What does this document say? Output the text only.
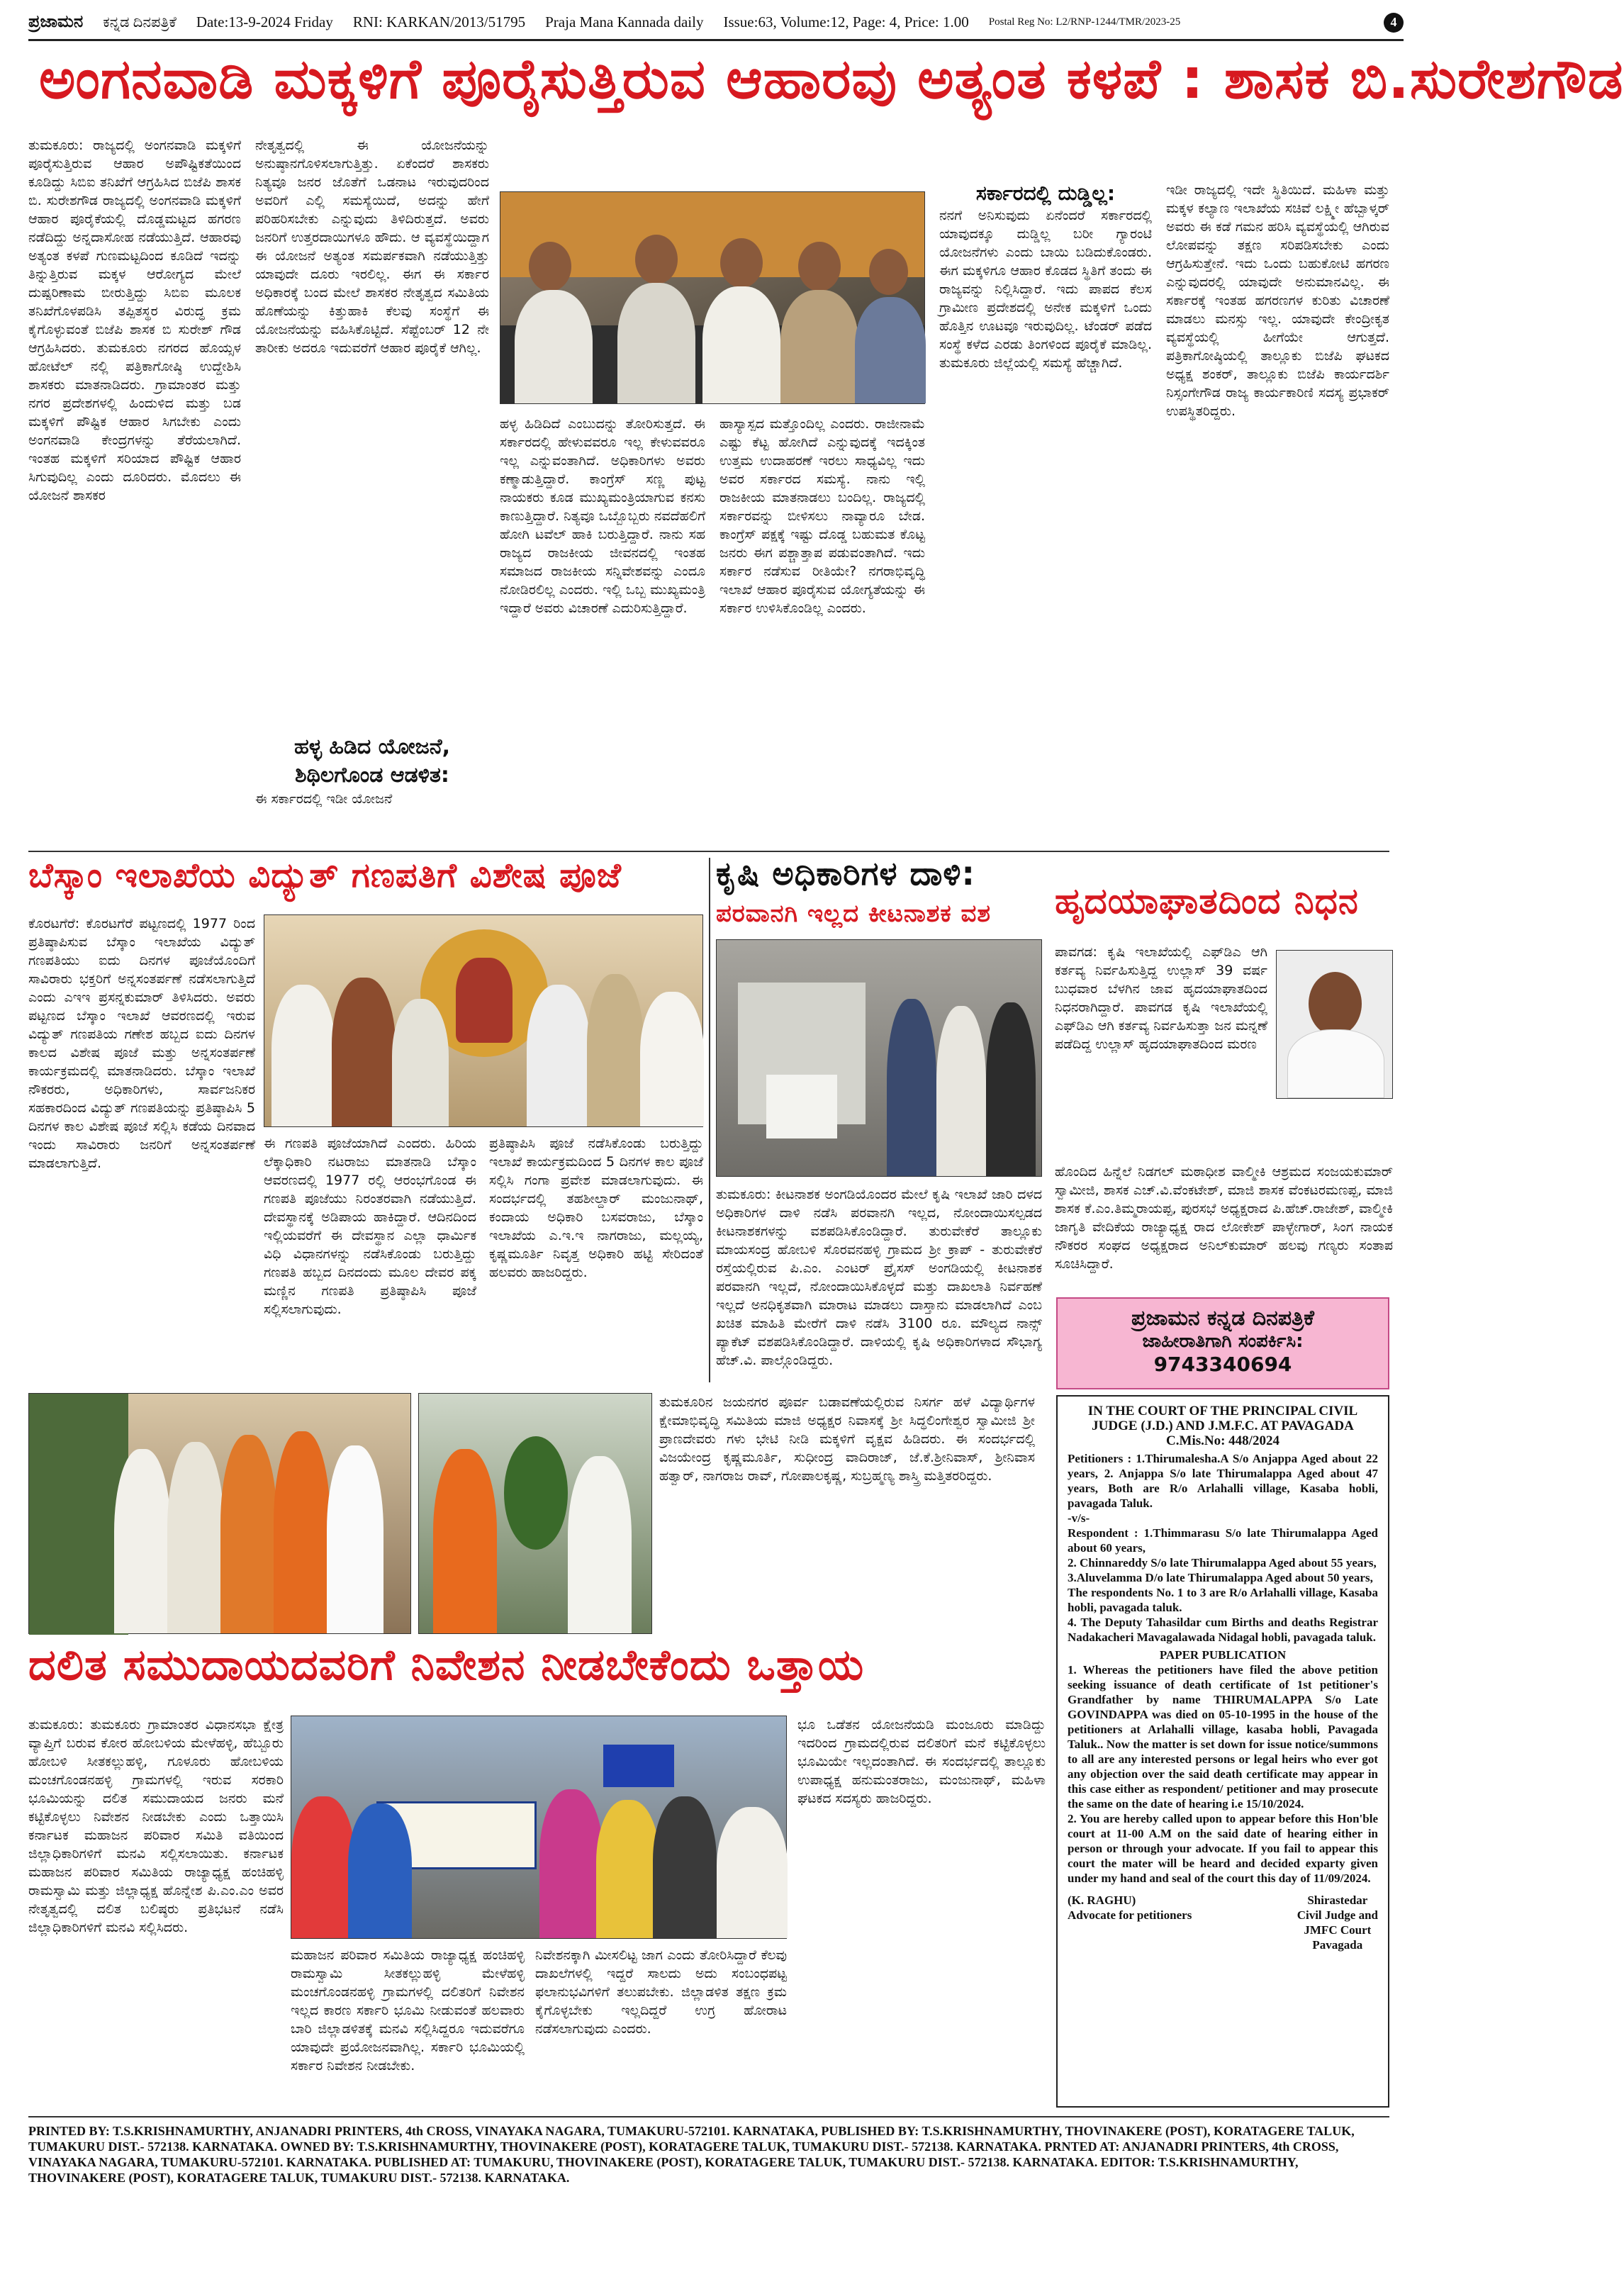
ಪ್ರಜಾಮನ ಕನ್ನಡ ದಿನಪತ್ರಿಕೆ Date:13-9-2024 Friday RNI: KARKAN/2013/51795 Praja Mana Kannada daily Issue:63, Volume:12, Page: 4, Price: 1.00 Postal Reg No: L2/RNP-1244/TMR/2023-25	4
ಅಂಗನವಾಡಿ ಮಕ್ಕಳಿಗೆ ಪೂರೈಸುತ್ತಿರುವ ಆಹಾರವು ಅತ್ಯಂತ ಕಳಪೆ : ಶಾಸಕ ಬಿ.ಸುರೇಶಗೌಡ
ತುಮಕೂರು: ರಾಜ್ಯದಲ್ಲಿ ಅಂಗನವಾಡಿ ಮಕ್ಕಳಿಗೆ ಪೂರೈಸುತ್ತಿರುವ ಆಹಾರ ಅಪೌಷ್ಟಿಕತೆಯಿಂದ ಕೂಡಿದ್ದು ಸಿಬಿಐ ತನಿಖೆಗೆ ಆಗ್ರಹಿಸಿದ ಬಿಜೆಪಿ ಶಾಸಕ ಬಿ. ಸುರೇಶಗೌಡ ರಾಜ್ಯದಲ್ಲಿ ಅಂಗನವಾಡಿ ಮಕ್ಕಳಿಗೆ ಆಹಾರ ಪೂರೈಕೆಯಲ್ಲಿ ದೊಡ್ಡಮಟ್ಟದ ಹಗರಣ ನಡೆದಿದ್ದು ಅನ್ನದಾಸೋಹ ನಡೆಯುತ್ತಿದೆ. ಆಹಾರವು ಅತ್ಯಂತ ಕಳಪೆ ಗುಣಮಟ್ಟದಿಂದ ಕೂಡಿದೆ ಇದನ್ನು ತಿನ್ನುತ್ತಿರುವ ಮಕ್ಕಳ ಆರೋಗ್ಯದ ಮೇಲೆ ದುಷ್ಪರಿಣಾಮ ಬೀರುತ್ತಿದ್ದು ಸಿಬಿಐ ಮೂಲಕ ತನಿಖೆಗೊಳಪಡಿಸಿ ತಪ್ಪಿತಸ್ಥರ ವಿರುದ್ಧ ಕ್ರಮ ಕೈಗೊಳ್ಳುವಂತೆ ಬಿಜೆಪಿ ಶಾಸಕ ಬಿ ಸುರೇಶ್ ಗೌಡ ಆಗ್ರಹಿಸಿದರು. ತುಮಕೂರು ನಗರದ ಹೊಯ್ಸಳ ಹೋಟೆಲ್ ನಲ್ಲಿ ಪತ್ರಿಕಾಗೋಷ್ಠಿ ಉದ್ದೇಶಿಸಿ ಶಾಸಕರು ಮಾತನಾಡಿದರು. ಗ್ರಾಮಾಂತರ ಮತ್ತು ನಗರ ಪ್ರದೇಶಗಳಲ್ಲಿ ಹಿಂದುಳಿದ ಮತ್ತು ಬಡ ಮಕ್ಕಳಿಗೆ ಪೌಷ್ಟಿಕ ಆಹಾರ ಸಿಗಬೇಕು ಎಂದು ಅಂಗನವಾಡಿ ಕೇಂದ್ರಗಳನ್ನು ತೆರೆಯಲಾಗಿದೆ. ಇಂತಹ ಮಕ್ಕಳಿಗೆ ಸರಿಯಾದ ಪೌಷ್ಟಿಕ ಆಹಾರ ಸಿಗುವುದಿಲ್ಲ ಎಂದು ದೂರಿದರು. ಮೊದಲು ಈ ಯೋಜನೆ ಶಾಸಕರ
ನೇತೃತ್ವದಲ್ಲಿ ಈ ಯೋಜನೆಯನ್ನು ಅನುಷ್ಠಾನಗೊಳಿಸಲಾಗುತ್ತಿತ್ತು. ಏಕೆಂದರೆ ಶಾಸಕರು ನಿತ್ಯವೂ ಜನರ ಜೊತೆಗೆ ಒಡನಾಟ ಇರುವುದರಿಂದ ಅವರಿಗೆ ಎಲ್ಲಿ ಸಮಸ್ಯೆಯಿದೆ, ಅದನ್ನು ಹೇಗೆ ಪರಿಹರಿಸಬೇಕು ಎನ್ನುವುದು ತಿಳಿದಿರುತ್ತದೆ. ಅವರು ಜನರಿಗೆ ಉತ್ತರದಾಯಿಗಳೂ ಹೌದು. ಆ ವ್ಯವಸ್ಥೆಯಿದ್ದಾಗ ಈ ಯೋಜನೆ ಅತ್ಯಂತ ಸಮರ್ಪಕವಾಗಿ ನಡೆಯುತ್ತಿತ್ತು ಯಾವುದೇ ದೂರು ಇರಲಿಲ್ಲ. ಈಗ ಈ ಸರ್ಕಾರ ಅಧಿಕಾರಕ್ಕೆ ಬಂದ ಮೇಲೆ ಶಾಸಕರ ನೇತೃತ್ವದ ಸಮಿತಿಯ ಹೊಣೆಯನ್ನು ಕಿತ್ತುಹಾಕಿ ಕೆಲವು ಸಂಸ್ಥೆಗೆ ಈ ಯೋಜನೆಯನ್ನು ವಹಿಸಿಕೊಟ್ಟಿದೆ. ಸೆಪ್ಟೆಂಬರ್ 12 ನೇ ತಾರೀಕು ಅದರೂ ಇದುವರೆಗೆ ಆಹಾರ ಪೂರೈಕೆ ಆಗಿಲ್ಲ.
ಹಳ್ಳ ಹಿಡಿದ ಯೋಜನೆ, ಶಿಥಿಲಗೊಂಡ ಆಡಳಿತ:
ಈ ಸರ್ಕಾರದಲ್ಲಿ ಇಡೀ ಯೋಜನೆ
ಹಳ್ಳ ಹಿಡಿದಿದೆ ಎಂಬುದನ್ನು ತೋರಿಸುತ್ತದೆ. ಈ ಸರ್ಕಾರದಲ್ಲಿ ಹೇಳುವವರೂ ಇಲ್ಲ ಕೇಳುವವರೂ ಇಲ್ಲ ಎನ್ನುವಂತಾಗಿದೆ. ಅಧಿಕಾರಿಗಳು ಅವರು ಕಣ್ಮಾಡುತ್ತಿದ್ದಾರೆ. ಕಾಂಗ್ರೆಸ್ ಸಣ್ಣ ಪುಟ್ಟ ನಾಯಕರು ಕೂಡ ಮುಖ್ಯಮಂತ್ರಿಯಾಗುವ ಕನಸು ಕಾಣುತ್ತಿದ್ದಾರೆ. ನಿತ್ಯವೂ ಒಬ್ಬೊಬ್ಬರು ನವದೆಹಲಿಗೆ ಹೋಗಿ ಟವೆಲ್ ಹಾಕಿ ಬರುತ್ತಿದ್ದಾರೆ. ನಾನು ಸಹ ರಾಜ್ಯದ ರಾಜಕೀಯ ಜೀವನದಲ್ಲಿ ಇಂತಹ ಸಮಾಜದ ರಾಜಕೀಯ ಸನ್ನಿವೇಶವನ್ನು ಎಂದೂ ನೋಡಿರಲಿಲ್ಲ ಎಂದರು. ಇಲ್ಲಿ ಒಬ್ಬ ಮುಖ್ಯಮಂತ್ರಿ ಇದ್ದಾರೆ ಅವರು ವಿಚಾರಣೆ ಎದುರಿಸುತ್ತಿದ್ದಾರೆ.
ಹಾಸ್ಯಾಸ್ಪದ ಮತ್ತೊಂದಿಲ್ಲ ಎಂದರು. ರಾಜೀನಾಮೆ ಎಷ್ಟು ಕೆಟ್ಟ ಹೋಗಿದೆ ಎನ್ನುವುದಕ್ಕೆ ಇದಕ್ಕಿಂತ ಉತ್ತಮ ಉದಾಹರಣೆ ಇರಲು ಸಾಧ್ಯವಿಲ್ಲ ಇದು ಅವರ ಸರ್ಕಾರದ ಸಮಸ್ಯೆ. ನಾನು ಇಲ್ಲಿ ರಾಜಕೀಯ ಮಾತನಾಡಲು ಬಂದಿಲ್ಲ. ರಾಜ್ಯದಲ್ಲಿ ಸರ್ಕಾರವನ್ನು ಬೀಳಿಸಲು ನಾವ್ಯಾರೂ ಬೇಡ. ಕಾಂಗ್ರೆಸ್ ಪಕ್ಷಕ್ಕೆ ಇಷ್ಟು ದೊಡ್ಡ ಬಹುಮತ ಕೊಟ್ಟ ಜನರು ಈಗ ಪಶ್ಚಾತ್ತಾಪ ಪಡುವಂತಾಗಿದೆ. ಇದು ಸರ್ಕಾರ ನಡೆಸುವ ರೀತಿಯೇ? ನಗರಾಭಿವೃದ್ಧಿ ಇಲಾಖೆ ಆಹಾರ ಪೂರೈಸುವ ಯೋಗ್ಯತೆಯನ್ನು ಈ ಸರ್ಕಾರ ಉಳಿಸಿಕೊಂಡಿಲ್ಲ ಎಂದರು.
ಸರ್ಕಾರದಲ್ಲಿ ದುಡ್ಡಿಲ್ಲ:
ನನಗೆ ಅನಿಸುವುದು ಏನೆಂದರೆ ಸರ್ಕಾರದಲ್ಲಿ ಯಾವುದಕ್ಕೂ ದುಡ್ಡಿಲ್ಲ ಬರೀ ಗ್ಯಾರಂಟಿ ಯೋಜನೆಗಳು ಎಂದು ಬಾಯಿ ಬಡಿದುಕೊಂಡರು. ಈಗ ಮಕ್ಕಳಿಗೂ ಆಹಾರ ಕೊಡದ ಸ್ಥಿತಿಗೆ ತಂದು ಈ ರಾಜ್ಯವನ್ನು ನಿಲ್ಲಿಸಿದ್ದಾರೆ. ಇದು ಪಾಪದ ಕೆಲಸ ಗ್ರಾಮೀಣ ಪ್ರದೇಶದಲ್ಲಿ ಅನೇಕ ಮಕ್ಕಳಿಗೆ ಒಂದು ಹೊತ್ತಿನ ಊಟವೂ ಇರುವುದಿಲ್ಲ. ಟೆಂಡರ್ ಪಡೆದ ಸಂಸ್ಥೆ ಕಳೆದ ಎರಡು ತಿಂಗಳಿಂದ ಪೂರೈಕೆ ಮಾಡಿಲ್ಲ. ತುಮಕೂರು ಜಿಲ್ಲೆಯಲ್ಲಿ ಸಮಸ್ಯೆ ಹೆಚ್ಚಾಗಿದೆ.
ಇಡೀ ರಾಜ್ಯದಲ್ಲಿ ಇದೇ ಸ್ಥಿತಿಯಿದೆ. ಮಹಿಳಾ ಮತ್ತು ಮಕ್ಕಳ ಕಲ್ಯಾಣ ಇಲಾಖೆಯ ಸಚಿವೆ ಲಕ್ಷ್ಮೀ ಹೆಬ್ಬಾಳ್ಕರ್ ಅವರು ಈ ಕಡೆ ಗಮನ ಹರಿಸಿ ವ್ಯವಸ್ಥೆಯಲ್ಲಿ ಆಗಿರುವ ಲೋಪವನ್ನು ತಕ್ಷಣ ಸರಿಪಡಿಸಬೇಕು ಎಂದು ಆಗ್ರಹಿಸುತ್ತೇನೆ. ಇದು ಒಂದು ಬಹುಕೋಟಿ ಹಗರಣ ಎನ್ನುವುದರಲ್ಲಿ ಯಾವುದೇ ಅನುಮಾನವಿಲ್ಲ. ಈ ಸರ್ಕಾರಕ್ಕೆ ಇಂತಹ ಹಗರಣಗಳ ಕುರಿತು ವಿಚಾರಣೆ ಮಾಡಲು ಮನಸ್ಸು ಇಲ್ಲ. ಯಾವುದೇ ಕೇಂದ್ರೀಕೃತ ವ್ಯವಸ್ಥೆಯಲ್ಲಿ ಹೀಗೆಯೇ ಆಗುತ್ತದೆ. ಪತ್ರಿಕಾಗೋಷ್ಠಿಯಲ್ಲಿ ತಾಲ್ಲೂಕು ಬಿಜೆಪಿ ಘಟಕದ ಅಧ್ಯಕ್ಷ ಶಂಕರ್, ತಾಲ್ಲೂಕು ಬಿಜೆಪಿ ಕಾರ್ಯದರ್ಶಿ ನಿಸ್ಸಂಗೇಗೌಡ ರಾಜ್ಯ ಕಾರ್ಯಕಾರಿಣಿ ಸದಸ್ಯ ಪ್ರಭಾಕರ್ ಉಪಸ್ಥಿತರಿದ್ದರು.
ಬೆಸ್ಕಾಂ ಇಲಾಖೆಯ ವಿದ್ಯುತ್ ಗಣಪತಿಗೆ ವಿಶೇಷ ಪೂಜೆ
ಕೊರಟಗೆರೆ: ಕೊರಟಗೆರೆ ಪಟ್ಟಣದಲ್ಲಿ 1977 ರಿಂದ ಪ್ರತಿಷ್ಠಾಪಿಸುವ ಬೆಸ್ಕಾಂ ಇಲಾಖೆಯ ವಿದ್ಯುತ್ ಗಣಪತಿಯು ಐದು ದಿನಗಳ ಪೂಜೆಯೊಂದಿಗೆ ಸಾವಿರಾರು ಭಕ್ತರಿಗೆ ಅನ್ನಸಂತರ್ಪಣೆ ನಡೆಸಲಾಗುತ್ತಿದೆ ಎಂದು ಎಇಇ ಪ್ರಸನ್ನಕುಮಾರ್ ತಿಳಿಸಿದರು. ಅವರು ಪಟ್ಟಣದ ಬೆಸ್ಕಾಂ ಇಲಾಖೆ ಆವರಣದಲ್ಲಿ ಇರುವ ವಿದ್ಯುತ್ ಗಣಪತಿಯ ಗಣೇಶ ಹಬ್ಬದ ಐದು ದಿನಗಳ ಕಾಲದ ವಿಶೇಷ ಪೂಜೆ ಮತ್ತು ಅನ್ನಸಂತರ್ಪಣೆ ಕಾರ್ಯಕ್ರಮದಲ್ಲಿ ಮಾತನಾಡಿದರು. ಬೆಸ್ಕಾಂ ಇಲಾಖೆ ನೌಕರರು, ಅಧಿಕಾರಿಗಳು, ಸಾರ್ವಜನಿಕರ ಸಹಕಾರದಿಂದ ವಿದ್ಯುತ್ ಗಣಪತಿಯನ್ನು ಪ್ರತಿಷ್ಠಾಪಿಸಿ 5 ದಿನಗಳ ಕಾಲ ವಿಶೇಷ ಪೂಜೆ ಸಲ್ಲಿಸಿ ಕಡೆಯ ದಿನವಾದ ಇಂದು ಸಾವಿರಾರು ಜನರಿಗೆ ಅನ್ನಸಂತರ್ಪಣೆ ಮಾಡಲಾಗುತ್ತಿದೆ.
ಈ ಗಣಪತಿ ಪೂಜೆಯಾಗಿದೆ ಎಂದರು. ಹಿರಿಯ ಲೆಕ್ಕಾಧಿಕಾರಿ ನಟರಾಜು ಮಾತನಾಡಿ ಬೆಸ್ಕಾಂ ಆವರಣದಲ್ಲಿ 1977 ರಲ್ಲಿ ಆರಂಭಗೊಂಡ ಈ ಗಣಪತಿ ಪೂಜೆಯು ನಿರಂತರವಾಗಿ ನಡೆಯುತ್ತಿದೆ. ದೇವಸ್ಥಾನಕ್ಕೆ ಅಡಿಪಾಯ ಹಾಕಿದ್ದಾರೆ. ಆದಿನದಿಂದ ಇಲ್ಲಿಯವರೆಗೆ ಈ ದೇವಸ್ಥಾನ ಎಲ್ಲಾ ಧಾರ್ಮಿಕ ವಿಧಿ ವಿಧಾನಗಳನ್ನು ನಡೆಸಿಕೊಂಡು ಬರುತ್ತಿದ್ದು ಗಣಪತಿ ಹಬ್ಬದ ದಿನದಂದು ಮೂಲ ದೇವರ ಪಕ್ಕ ಮಣ್ಣಿನ ಗಣಪತಿ ಪ್ರತಿಷ್ಠಾಪಿಸಿ ಪೂಜೆ ಸಲ್ಲಿಸಲಾಗುವುದು.
ಪ್ರತಿಷ್ಠಾಪಿಸಿ ಪೂಜೆ ನಡೆಸಿಕೊಂಡು ಬರುತ್ತಿದ್ದು ಇಲಾಖೆ ಕಾರ್ಯಕ್ರಮದಿಂದ 5 ದಿನಗಳ ಕಾಲ ಪೂಜೆ ಸಲ್ಲಿಸಿ ಗಂಗಾ ಪ್ರವೇಶ ಮಾಡಲಾಗುವುದು. ಈ ಸಂದರ್ಭದಲ್ಲಿ ತಹಶೀಲ್ದಾರ್ ಮಂಜುನಾಥ್, ಕಂದಾಯ ಅಧಿಕಾರಿ ಬಸವರಾಜು, ಬೆಸ್ಕಾಂ ಇಲಾಖೆಯ ಎ.ಇ.ಇ ನಾಗರಾಜು, ಮಲ್ಲಯ್ಯ, ಕೃಷ್ಣಮೂರ್ತಿ ನಿವೃತ್ತ ಅಧಿಕಾರಿ ಹಟ್ಟಿ ಸೇರಿದಂತೆ ಹಲವರು ಹಾಜರಿದ್ದರು.
ಕೃಷಿ ಅಧಿಕಾರಿಗಳ ದಾಳಿ:
ಪರವಾನಗಿ ಇಲ್ಲದ ಕೀಟನಾಶಕ ವಶ
ತುಮಕೂರು: ಕೀಟನಾಶಕ ಅಂಗಡಿಯೊಂದರ ಮೇಲೆ ಕೃಷಿ ಇಲಾಖೆ ಜಾರಿ ದಳದ ಅಧಿಕಾರಿಗಳ ದಾಳಿ ನಡೆಸಿ ಪರವಾನಗಿ ಇಲ್ಲದ, ನೋಂದಾಯಿಸಲ್ಪಡದ ಕೀಟನಾಶಕಗಳನ್ನು ವಶಪಡಿಸಿಕೊಂಡಿದ್ದಾರೆ. ತುರುವೇಕೆರೆ ತಾಲ್ಲೂಕು ಮಾಯಸಂದ್ರ ಹೋಬಳಿ ಸೊರವನಹಳ್ಳಿ ಗ್ರಾಮದ ಶ್ರೀ ಕ್ರಾಪ್ - ತುರುವೇಕೆರೆ ರಸ್ತೆಯಲ್ಲಿರುವ ಪಿ.ಎಂ. ಎಂಟರ್ ಪ್ರೈಸಸ್ ಅಂಗಡಿಯಲ್ಲಿ ಕೀಟನಾಶಕ ಪರವಾನಗಿ ಇಲ್ಲದೆ, ನೋಂದಾಯಿಸಿಕೊಳ್ಳದೆ ಮತ್ತು ದಾಖಲಾತಿ ನಿರ್ವಹಣೆ ಇಲ್ಲದೆ ಅನಧಿಕೃತವಾಗಿ ಮಾರಾಟ ಮಾಡಲು ದಾಸ್ತಾನು ಮಾಡಲಾಗಿದೆ ಎಂಬ ಖಚಿತ ಮಾಹಿತಿ ಮೇರೆಗೆ ದಾಳಿ ನಡೆಸಿ 3100 ರೂ. ಮೌಲ್ಯದ ನಾನ್ಸ್ ಪ್ಯಾಕೆಟ್ ವಶಪಡಿಸಿಕೊಂಡಿದ್ದಾರೆ. ದಾಳಿಯಲ್ಲಿ ಕೃಷಿ ಅಧಿಕಾರಿಗಳಾದ ಸೌಭಾಗ್ಯ ಹೆಚ್.ವಿ. ಪಾಲ್ಗೊಂಡಿದ್ದರು.
ಹೃದಯಾಘಾತದಿಂದ ನಿಧನ
ಪಾವಗಡ: ಕೃಷಿ ಇಲಾಖೆಯಲ್ಲಿ ಎಫ್‌ಡಿಎ ಆಗಿ ಕರ್ತವ್ಯ ನಿರ್ವಹಿಸುತ್ತಿದ್ದ ಉಲ್ಲಾಸ್ 39 ವರ್ಷ ಬುಧವಾರ ಬೆಳಗಿನ ಜಾವ ಹೃದಯಾಘಾತದಿಂದ ನಿಧನರಾಗಿದ್ದಾರೆ. ಪಾವಗಡ ಕೃಷಿ ಇಲಾಖೆಯಲ್ಲಿ ಎಫ್‌ಡಿಎ ಆಗಿ ಕರ್ತವ್ಯ ನಿರ್ವಹಿಸುತ್ತಾ ಜನ ಮನ್ನಣೆ ಪಡೆದಿದ್ದ ಉಲ್ಲಾಸ್ ಹೃದಯಾಘಾತದಿಂದ ಮರಣ
ಹೊಂದಿದ ಹಿನ್ನೆಲೆ ನಿಡಗಲ್ ಮಠಾಧೀಶ ವಾಲ್ಮೀಕಿ ಆಶ್ರಮದ ಸಂಜಯಕುಮಾರ್ ಸ್ವಾಮೀಜಿ, ಶಾಸಕ ಎಚ್.ವಿ.ವೆಂಕಟೇಶ್, ಮಾಜಿ ಶಾಸಕ ವೆಂಕಟರಮಣಪ್ಪ, ಮಾಜಿ ಶಾಸಕ ಕೆ.ಎಂ.ತಿಮ್ಮರಾಯಪ್ಪ, ಪುರಸಭೆ ಅಧ್ಯಕ್ಷರಾದ ಪಿ.ಹೆಚ್.ರಾಜೇಶ್, ವಾಲ್ಮೀಕಿ ಜಾಗೃತಿ ವೇದಿಕೆಯ ರಾಜ್ಯಾಧ್ಯಕ್ಷ ರಾದ ಲೋಕೇಶ್ ಪಾಳ್ಳೇಗಾರ್, ಸಿಂಗ ನಾಯಕ ನೌಕರರ ಸಂಘದ ಅಧ್ಯಕ್ಷರಾದ ಅನಿಲ್‌ಕುಮಾರ್ ಹಲವು ಗಣ್ಯರು ಸಂತಾಪ ಸೂಚಿಸಿದ್ದಾರೆ.
ಪ್ರಜಾಮನ ಕನ್ನಡ ದಿನಪತ್ರಿಕೆ
ಜಾಹೀರಾತಿಗಾಗಿ ಸಂಪರ್ಕಿಸಿ:
9743340694
ತುಮಕೂರಿನ ಜಯನಗರ ಪೂರ್ವ ಬಡಾವಣೆಯಲ್ಲಿರುವ ನಿಸರ್ಗ ಹಳೆ ವಿದ್ಯಾರ್ಥಿಗಳ ಕ್ಷೇಮಾಭಿವೃದ್ಧಿ ಸಮಿತಿಯ ಮಾಜಿ ಅಧ್ಯಕ್ಷರ ನಿವಾಸಕ್ಕೆ ಶ್ರೀ ಸಿದ್ಧಲಿಂಗೇಶ್ವರ ಸ್ವಾಮೀಜಿ ಶ್ರೀ ಪ್ರಾಣದೇವರು ಗಳು ಭೇಟಿ ನೀಡಿ ಮಕ್ಕಳಿಗೆ ವೃಕ್ಷವ ಹಿಡಿದರು. ಈ ಸಂದರ್ಭದಲ್ಲಿ ವಿಜಯೇಂದ್ರ ಕೃಷ್ಣಮೂರ್ತಿ, ಸುಧೀಂದ್ರ ವಾದಿರಾಜ್, ಜೆ.ಕೆ.ಶ್ರೀನಿವಾಸ್, ಶ್ರೀನಿವಾಸ ಹತ್ವಾರ್, ನಾಗರಾಜ ರಾವ್, ಗೋಪಾಲಕೃಷ್ಣ, ಸುಬ್ರಹ್ಮಣ್ಯ ಶಾಸ್ತ್ರಿ ಮತ್ತಿತರರಿದ್ದರು.
IN THE COURT OF THE PRINCIPAL CIVIL JUDGE (J.D.) AND J.M.F.C. AT PAVAGADA
C.Mis.No: 448/2024
Petitioners : 1.Thirumalesha.A S/o Anjappa Aged about 22 years, 2. Anjappa S/o late Thirumalappa Aged about 47 years, Both are R/o Arlahalli village, Kasaba hobli, pavagada Taluk.
-v/s-
Respondent : 1.Thimmarasu S/o late Thirumalappa Aged about 60 years,
2. Chinnareddy S/o late Thirumalappa Aged about 55 years,
3.Aluvelamma D/o late Thirumalappa Aged about 50 years,
The respondents No. 1 to 3 are R/o Arlahalli village, Kasaba hobli, pavagada taluk.
4. The Deputy Tahasildar cum Births and deaths Registrar Nadakacheri Mavagalawada Nidagal hobli, pavagada taluk.
PAPER PUBLICATION
1. Whereas the petitioners have filed the above petition seeking issuance of death certificate of 1st petitioner's Grandfather by name THIRUMALAPPA S/o Late GOVINDAPPA was died on 05-10-1995 in the house of the petitioners at Arlahalli village, kasaba hobli, Pavagada Taluk.. Now the matter is set down for issue notice/summons to all are any interested persons or legal heirs who ever got any objection over the said death certificate may appear in this case either as respondent/ petitioner and may prosecute the same on the date of hearing i.e 15/10/2024.
2. You are hereby called upon to appear before this Hon'ble court at 11-00 A.M on the said date of hearing either in person or through your advocate. If you fail to appear this court the mater will be heard and decided exparty given under my hand and seal of the court this day of 11/09/2024.
(K. RAGHU)
Advocate for petitioners
Shirastedar
Civil Judge and
JMFC Court
Pavagada
ದಲಿತ ಸಮುದಾಯದವರಿಗೆ ನಿವೇಶನ ನೀಡಬೇಕೆಂದು ಒತ್ತಾಯ
ತುಮಕೂರು: ತುಮಕೂರು ಗ್ರಾಮಾಂತರ ವಿಧಾನಸಭಾ ಕ್ಷೇತ್ರ ವ್ಯಾಪ್ತಿಗೆ ಬರುವ ಕೋರ ಹೋಬಳಿಯ ಮೇಳೆಹಳ್ಳಿ, ಹೆಬ್ಬೂರು ಹೋಬಳಿ ಸೀತಕಲ್ಲುಹಳ್ಳಿ, ಗೂಳೂರು ಹೋಬಳಿಯ ಮಂಚಗೊಂಡನಹಳ್ಳಿ ಗ್ರಾಮಗಳಲ್ಲಿ ಇರುವ ಸರಕಾರಿ ಭೂಮಿಯನ್ನು ದಲಿತ ಸಮುದಾಯದ ಜನರು ಮನೆ ಕಟ್ಟಿಕೊಳ್ಳಲು ನಿವೇಶನ ನೀಡಬೇಕು ಎಂದು ಒತ್ತಾಯಿಸಿ ಕರ್ನಾಟಕ ಮಹಾಜನ ಪರಿವಾರ ಸಮಿತಿ ವತಿಯಿಂದ ಜಿಲ್ಲಾಧಿಕಾರಿಗಳಿಗೆ ಮನವಿ ಸಲ್ಲಿಸಲಾಯಿತು. ಕರ್ನಾಟಕ ಮಹಾಜನ ಪರಿವಾರ ಸಮಿತಿಯ ರಾಜ್ಯಾಧ್ಯಕ್ಷ ಹಂಚಿಹಳ್ಳಿ ರಾಮಸ್ವಾಮಿ ಮತ್ತು ಜಿಲ್ಲಾಧ್ಯಕ್ಷ ಹೊನ್ನೇಶ ಪಿ.ಎಂ.ಎಂ ಅವರ ನೇತೃತ್ವದಲ್ಲಿ ದಲಿತ ಬಲಿಷ್ಠರು ಪ್ರತಿಭಟನೆ ನಡೆಸಿ ಜಿಲ್ಲಾಧಿಕಾರಿಗಳಿಗೆ ಮನವಿ ಸಲ್ಲಿಸಿದರು.
ಮಹಾಜನ ಪರಿವಾರ ಸಮಿತಿಯ ರಾಜ್ಯಾಧ್ಯಕ್ಷ ಹಂಚಿಹಳ್ಳಿ ರಾಮಸ್ವಾಮಿ ಸೀತಕಲ್ಲುಹಳ್ಳಿ ಮೇಳೆಹಳ್ಳಿ ಮಂಚಗೊಂಡನಹಳ್ಳಿ ಗ್ರಾಮಗಳಲ್ಲಿ ದಲಿತರಿಗೆ ನಿವೇಶನ ಇಲ್ಲದ ಕಾರಣ ಸರ್ಕಾರಿ ಭೂಮಿ ನೀಡುವಂತೆ ಹಲವಾರು ಬಾರಿ ಜಿಲ್ಲಾಡಳಿತಕ್ಕೆ ಮನವಿ ಸಲ್ಲಿಸಿದ್ದರೂ ಇದುವರೆಗೂ ಯಾವುದೇ ಪ್ರಯೋಜನವಾಗಿಲ್ಲ. ಸರ್ಕಾರಿ ಭೂಮಿಯಲ್ಲಿ ಸರ್ಕಾರ ನಿವೇಶನ ನೀಡಬೇಕು.
ನಿವೇಶನಕ್ಕಾಗಿ ಮೀಸಲಿಟ್ಟ ಜಾಗ ಎಂದು ತೋರಿಸಿದ್ದಾರೆ ಕೆಲವು ದಾಖಲೆಗಳಲ್ಲಿ ಇದ್ದರೆ ಸಾಲದು ಅದು ಸಂಬಂಧಪಟ್ಟ ಫಲಾನುಭವಿಗಳಿಗೆ ತಲುಪಬೇಕು. ಜಿಲ್ಲಾಡಳಿತ ತಕ್ಷಣ ಕ್ರಮ ಕೈಗೊಳ್ಳಬೇಕು ಇಲ್ಲದಿದ್ದರೆ ಉಗ್ರ ಹೋರಾಟ ನಡೆಸಲಾಗುವುದು ಎಂದರು.
ಭೂ ಒಡೆತನ ಯೋಜನೆಯಡಿ ಮಂಜೂರು ಮಾಡಿದ್ದು ಇದರಿಂದ ಗ್ರಾಮದಲ್ಲಿರುವ ದಲಿತರಿಗೆ ಮನೆ ಕಟ್ಟಿಕೊಳ್ಳಲು ಭೂಮಿಯೇ ಇಲ್ಲದಂತಾಗಿದೆ. ಈ ಸಂದರ್ಭದಲ್ಲಿ ತಾಲ್ಲೂಕು ಉಪಾಧ್ಯಕ್ಷ ಹನುಮಂತರಾಜು, ಮಂಜುನಾಥ್, ಮಹಿಳಾ ಘಟಕದ ಸದಸ್ಯರು ಹಾಜರಿದ್ದರು.
PRINTED BY: T.S.KRISHNAMURTHY, ANJANADRI PRINTERS, 4th CROSS, VINAYAKA NAGARA, TUMAKURU-572101. KARNATAKA, PUBLISHED BY: T.S.KRISHNAMURTHY, THOVINAKERE (POST), KORATAGERE TALUK, TUMAKURU DIST.- 572138. KARNATAKA. OWNED BY: T.S.KRISHNAMURTHY, THOVINAKERE (POST), KORATAGERE TALUK, TUMAKURU DIST.- 572138. KARNATAKA. PRNTED AT: ANJANADRI PRINTERS, 4th CROSS, VINAYAKA NAGARA, TUMAKURU-572101. KARNATAKA. PUBLISHED AT: TUMAKURU, THOVINAKERE (POST), KORATAGERE TALUK, TUMAKURU DIST.- 572138. KARNATAKA. EDITOR: T.S.KRISHNAMURTHY, THOVINAKERE (POST), KORATAGERE TALUK, TUMAKURU DIST.- 572138. KARNATAKA.
